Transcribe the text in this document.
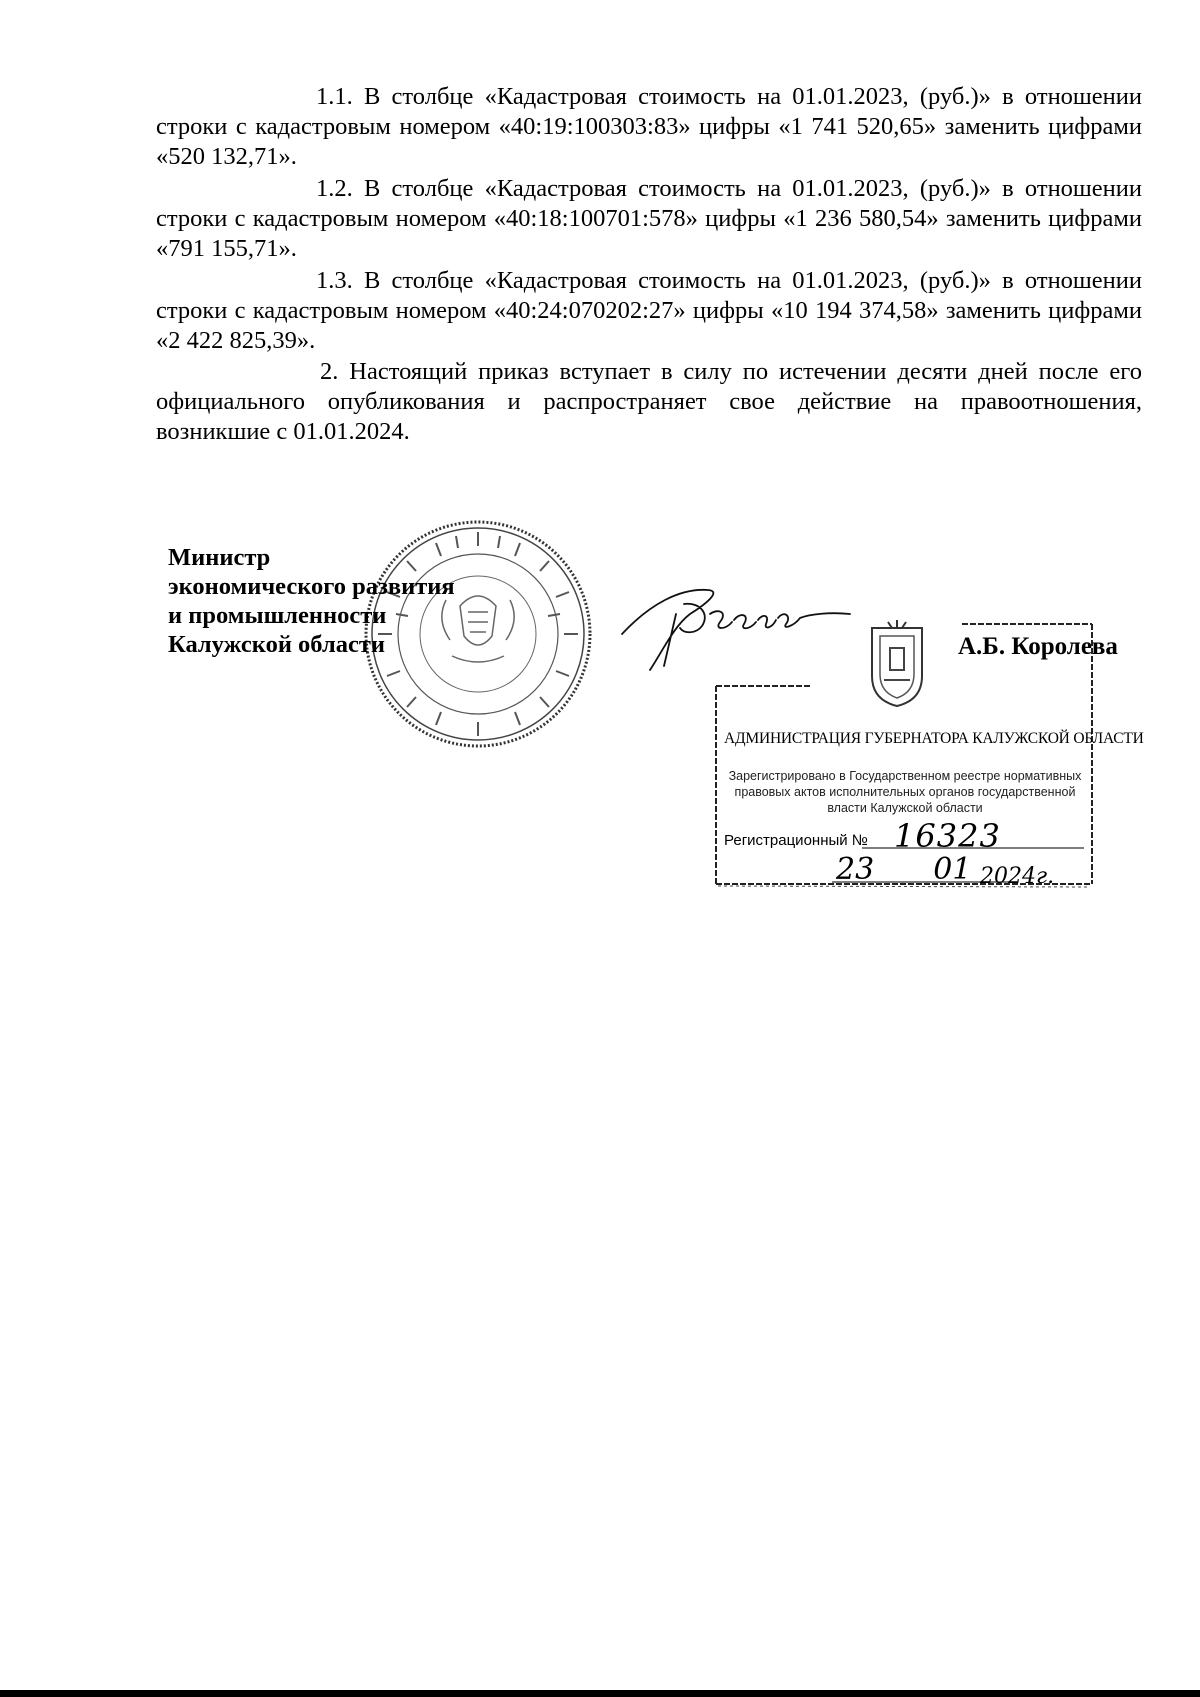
1.1. В столбце «Кадастровая стоимость на 01.01.2023, (руб.)» в отношении строки с кадастровым номером «40:19:100303:83» цифры «1 741 520,65» заменить цифрами «520 132,71».

1.2. В столбце «Кадастровая стоимость на 01.01.2023, (руб.)» в отношении строки с кадастровым номером «40:18:100701:578» цифры «1 236 580,54» заменить цифрами «791 155,71».

1.3. В столбце «Кадастровая стоимость на 01.01.2023, (руб.)» в отношении строки с кадастровым номером «40:24:070202:27» цифры «10 194 374,58» заменить цифрами «2 422 825,39».

2. Настоящий приказ вступает в силу по истечении десяти дней после его официального опубликования и распространяет свое действие на правоотношения, возникшие с 01.01.2024.

Министр
экономического развития
и промышленности
Калужской области	А.Б. Королева
АДМИНИСТРАЦИЯ ГУБЕРНАТОРА КАЛУЖСКОЙ ОБЛАСТИ
Зарегистрировано в Государственном реестре нормативных правовых актов исполнительных органов государственной власти Калужской области
Регистрационный № 16323
23 01 2024г.
